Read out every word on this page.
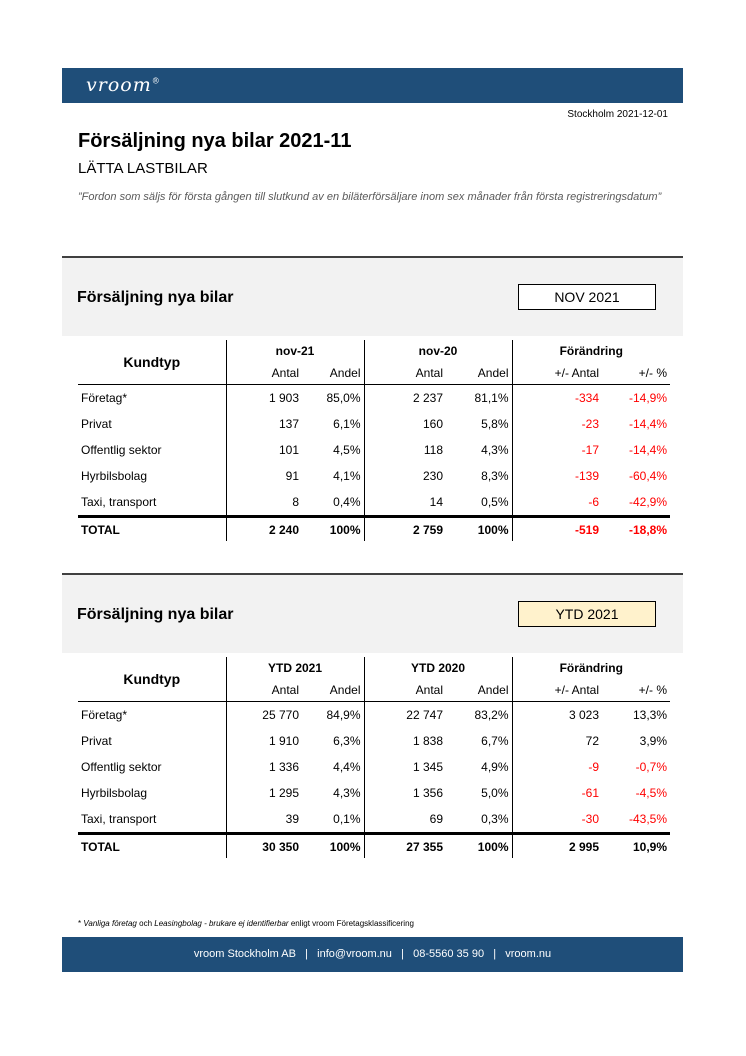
vroom®
Stockholm 2021-12-01
Försäljning nya bilar 2021-11
LÄTTA LASTBILAR
”Fordon som säljs för första gången till slutkund av en biläterförsäljare inom sex månader från första registreringsdatum”
Försäljning nya bilar	NOV 2021
Kundtyp	nov-21		nov-20		Förändring	
	Antal	Andel	Antal	Andel	+/- Antal	+/- %
Företag*	1 903	85,0%	2 237	81,1%	-334	-14,9%
Privat	137	6,1%	160	5,8%	-23	-14,4%
Offentlig sektor	101	4,5%	118	4,3%	-17	-14,4%
Hyrbilsbolag	91	4,1%	230	8,3%	-139	-60,4%
Taxi, transport	8	0,4%	14	0,5%	-6	-42,9%
TOTAL	2 240	100%	2 759	100%	-519	-18,8%
Försäljning nya bilar	YTD 2021
Kundtyp	YTD 2021		YTD 2020		Förändring	
	Antal	Andel	Antal	Andel	+/- Antal	+/- %
Företag*	25 770	84,9%	22 747	83,2%	3 023	13,3%
Privat	1 910	6,3%	1 838	6,7%	72	3,9%
Offentlig sektor	1 336	4,4%	1 345	4,9%	-9	-0,7%
Hyrbilsbolag	1 295	4,3%	1 356	5,0%	-61	-4,5%
Taxi, transport	39	0,1%	69	0,3%	-30	-43,5%
TOTAL	30 350	100%	27 355	100%	2 995	10,9%
* Vanliga företag och Leasingbolag - brukare ej identifierbar enligt vroom Företagsklassificering
vroom Stockholm AB   |   info@vroom.nu   |   08-5560 35 90   |   vroom.nu
